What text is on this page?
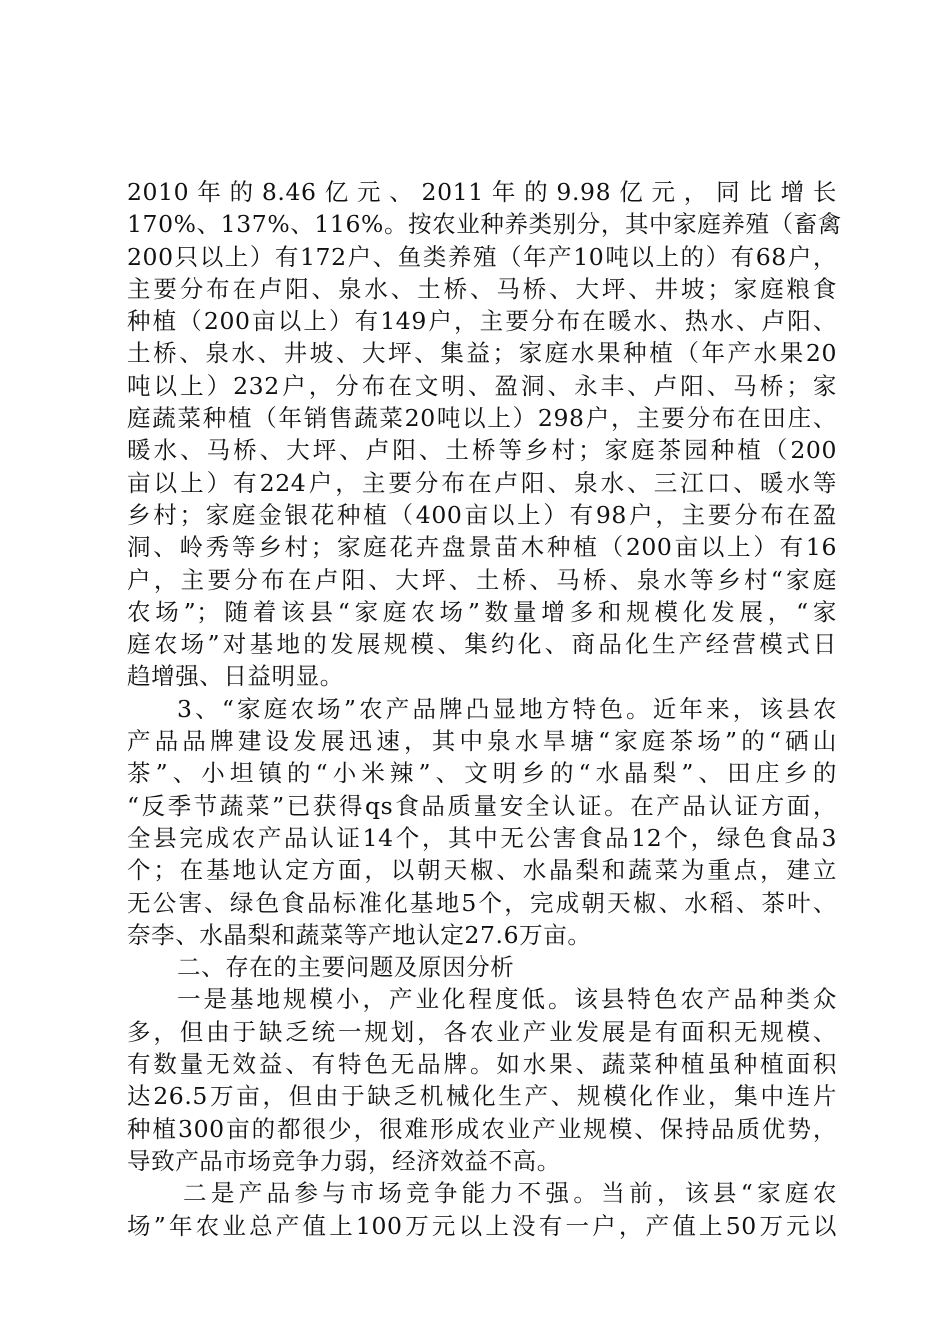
2010 年 的 8.46 亿 元 、 2011 年 的 9.98 亿 元 ， 同 比 增 长
170%、137%、116%。按农业种养类别分，其中家庭养殖（畜禽
200只以上）有172户、鱼类养殖（年产10吨以上的）有68户，
主要分布在卢阳、泉水、土桥、马桥、大坪、井坡；家庭粮食
种植（200亩以上）有149户，主要分布在暖水、热水、卢阳、
土桥、泉水、井坡、大坪、集益；家庭水果种植（年产水果20
吨以上）232户，分布在文明、盈洞、永丰、卢阳、马桥；家
庭蔬菜种植（年销售蔬菜20吨以上）298户，主要分布在田庄、
暖水、马桥、大坪、卢阳、土桥等乡村；家庭茶园种植（200
亩以上）有224户，主要分布在卢阳、泉水、三江口、暖水等
乡村；家庭金银花种植（400亩以上）有98户，主要分布在盈
洞、岭秀等乡村；家庭花卉盘景苗木种植（200亩以上）有16
户，主要分布在卢阳、大坪、土桥、马桥、泉水等乡村“家庭
农场”；随着该县“家庭农场”数量增多和规模化发展，“家
庭农场”对基地的发展规模、集约化、商品化生产经营模式日
趋增强、日益明显。
3、“家庭农场”农产品牌凸显地方特色。近年来，该县农
产品品牌建设发展迅速，其中泉水旱塘“家庭茶场”的“硒山
茶”、小坦镇的“小米辣”、文明乡的“水晶梨”、田庄乡的
“反季节蔬菜”已获得qs食品质量安全认证。在产品认证方面，
全县完成农产品认证14个，其中无公害食品12个，绿色食品3
个；在基地认定方面，以朝天椒、水晶梨和蔬菜为重点，建立
无公害、绿色食品标准化基地5个，完成朝天椒、水稻、茶叶、
奈李、水晶梨和蔬菜等产地认定27.6万亩。
二、存在的主要问题及原因分析
一是基地规模小，产业化程度低。该县特色农产品种类众
多，但由于缺乏统一规划，各农业产业发展是有面积无规模、
有数量无效益、有特色无品牌。如水果、蔬菜种植虽种植面积
达26.5万亩，但由于缺乏机械化生产、规模化作业，集中连片
种植300亩的都很少，很难形成农业产业规模、保持品质优势，
导致产品市场竞争力弱，经济效益不高。
二是产品参与市场竞争能力不强。当前，该县“家庭农
场”年农业总产值上100万元以上没有一户，产值上50万元以
